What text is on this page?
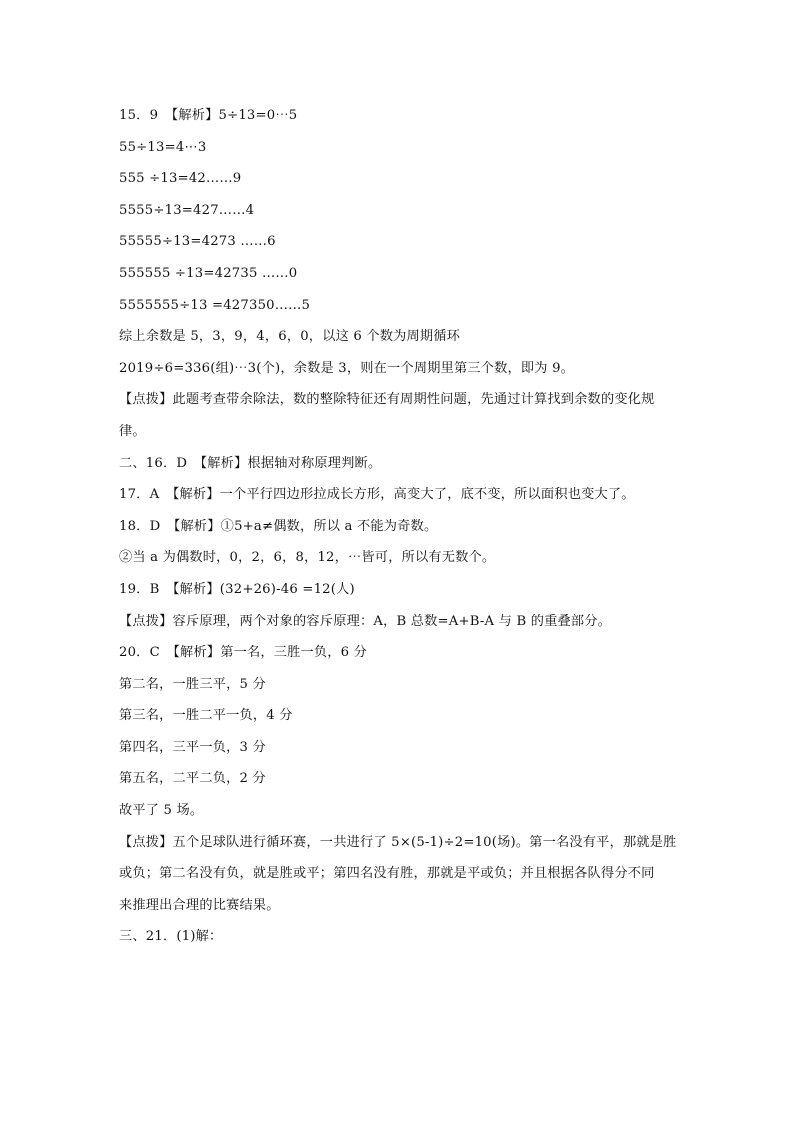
15．9　【解析】5÷13=0⋯5
55÷13=4⋯3
555 ÷13=42……9
5555÷13=427……4
55555÷13=4273 ……6
555555 ÷13=42735 ……0
5555555÷13 =427350……5
综上余数是 5，3，9，4，6，0，以这 6 个数为周期循环
2019÷6=336(组)⋯3(个)，余数是 3，则在一个周期里第三个数，即为 9。
【点拨】此题考查带余除法，数的整除特征还有周期性问题，先通过计算找到余数的变化规
律。
二、16．D　【解析】根据轴对称原理判断。
17．A　【解析】一个平行四边形拉成长方形，高变大了，底不变，所以面积也变大了。
18．D　【解析】①5+a≠偶数，所以 a 不能为奇数。
②当 a 为偶数时，0，2，6，8，12，⋯皆可，所以有无数个。
19．B　【解析】(32+26)-46 =12(人)
【点拨】容斥原理，两个对象的容斥原理：A，B 总数=A+B-A 与 B 的重叠部分。
20．C　【解析】第一名，三胜一负，6 分
第二名，一胜三平，5 分
第三名，一胜二平一负，4 分
第四名，三平一负，3 分
第五名，二平二负，2 分
故平了 5 场。
【点拨】五个足球队进行循环赛，一共进行了 5×(5-1)÷2=10(场)。第一名没有平，那就是胜
或负；第二名没有负，就是胜或平；第四名没有胜，那就是平或负；并且根据各队得分不同
来推理出合理的比赛结果。
三、21．(1)解：
